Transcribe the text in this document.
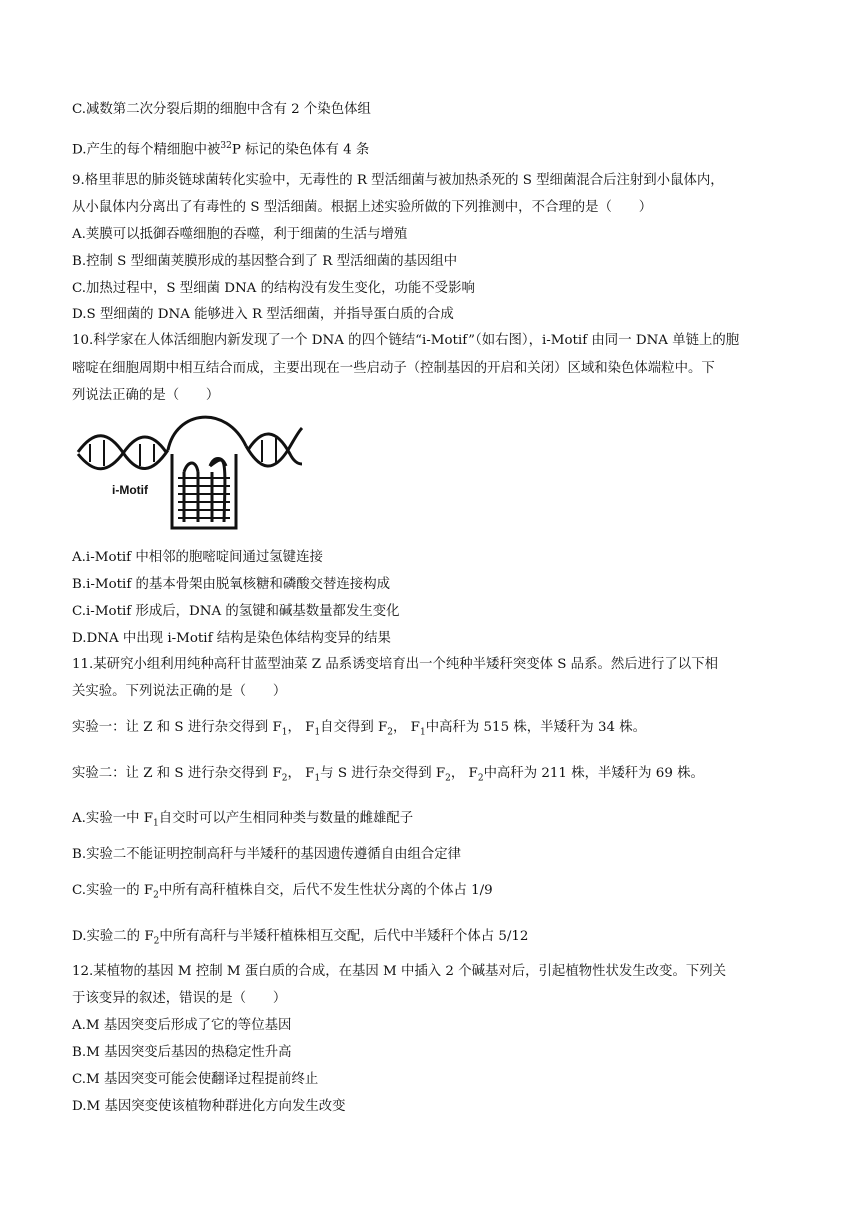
C.减数第二次分裂后期的细胞中含有 2 个染色体组
D.产生的每个精细胞中被$^{32}$P 标记的染色体有 4 条
9.格里菲思的肺炎链球菌转化实验中，无毒性的 R 型活细菌与被加热杀死的 S 型细菌混合后注射到小鼠体内，
从小鼠体内分离出了有毒性的 S 型活细菌。根据上述实验所做的下列推测中，不合理的是（　　）
A.荚膜可以抵御吞噬细胞的吞噬，利于细菌的生活与增殖
B.控制 S 型细菌荚膜形成的基因整合到了 R 型活细菌的基因组中
C.加热过程中，S 型细菌 DNA 的结构没有发生变化，功能不受影响
D.S 型细菌的 DNA 能够进入 R 型活细菌，并指导蛋白质的合成
10.科学家在人体活细胞内新发现了一个 DNA 的四个链结“i-Motif”（如右图），i-Motif 由同一 DNA 单链上的胞
嘧啶在细胞周期中相互结合而成，主要出现在一些启动子（控制基因的开启和关闭）区域和染色体端粒中。下
列说法正确的是（　　）
i-Motif
A.i-Motif 中相邻的胞嘧啶间通过氢键连接
B.i-Motif 的基本骨架由脱氧核糖和磷酸交替连接构成
C.i-Motif 形成后，DNA 的氢键和碱基数量都发生变化
D.DNA 中出现 i-Motif 结构是染色体结构变异的结果
11.某研究小组利用纯种高秆甘蓝型油菜 Z 品系诱变培育出一个纯种半矮秆突变体 S 品系。然后进行了以下相
关实验。下列说法正确的是（　　）
实验一：让 Z 和 S 进行杂交得到 $F_1$， $F_1$自交得到 $F_2$， $F_1$中高秆为 515 株，半矮秆为 34 株。
实验二：让 Z 和 S 进行杂交得到 $F_2$， $F_1$与 S 进行杂交得到 $F_2$， $F_2$中高秆为 211 株，半矮秆为 69 株。
A.实验一中 $F_1$自交时可以产生相同种类与数量的雌雄配子
B.实验二不能证明控制高秆与半矮秆的基因遗传遵循自由组合定律
C.实验一的 $F_2$中所有高秆植株自交，后代不发生性状分离的个体占 1/9
D.实验二的 $F_2$中所有高秆与半矮秆植株相互交配，后代中半矮秆个体占 5/12
12.某植物的基因 M 控制 M 蛋白质的合成，在基因 M 中插入 2 个碱基对后，引起植物性状发生改变。下列关
于该变异的叙述，错误的是（　　）
A.M 基因突变后形成了它的等位基因
B.M 基因突变后基因的热稳定性升高
C.M 基因突变可能会使翻译过程提前终止
D.M 基因突变使该植物种群进化方向发生改变
